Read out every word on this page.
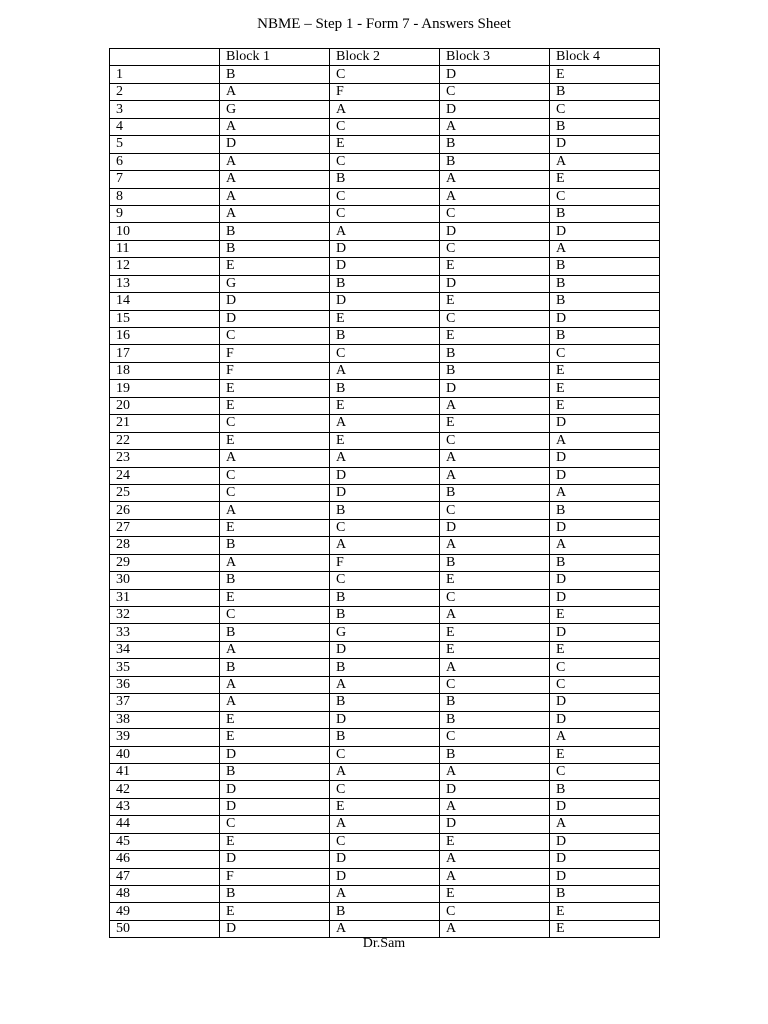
NBME – Step 1 - Form 7 - Answers Sheet
	Block 1	Block 2	Block 3	Block 4
1	B	C	D	E
2	A	F	C	B
3	G	A	D	C
4	A	C	A	B
5	D	E	B	D
6	A	C	B	A
7	A	B	A	E
8	A	C	A	C
9	A	C	C	B
10	B	A	D	D
11	B	D	C	A
12	E	D	E	B
13	G	B	D	B
14	D	D	E	B
15	D	E	C	D
16	C	B	E	B
17	F	C	B	C
18	F	A	B	E
19	E	B	D	E
20	E	E	A	E
21	C	A	E	D
22	E	E	C	A
23	A	A	A	D
24	C	D	A	D
25	C	D	B	A
26	A	B	C	B
27	E	C	D	D
28	B	A	A	A
29	A	F	B	B
30	B	C	E	D
31	E	B	C	D
32	C	B	A	E
33	B	G	E	D
34	A	D	E	E
35	B	B	A	C
36	A	A	C	C
37	A	B	B	D
38	E	D	B	D
39	E	B	C	A
40	D	C	B	E
41	B	A	A	C
42	D	C	D	B
43	D	E	A	D
44	C	A	D	A
45	E	C	E	D
46	D	D	A	D
47	F	D	A	D
48	B	A	E	B
49	E	B	C	E
50	D	A	A	E
Dr.Sam
